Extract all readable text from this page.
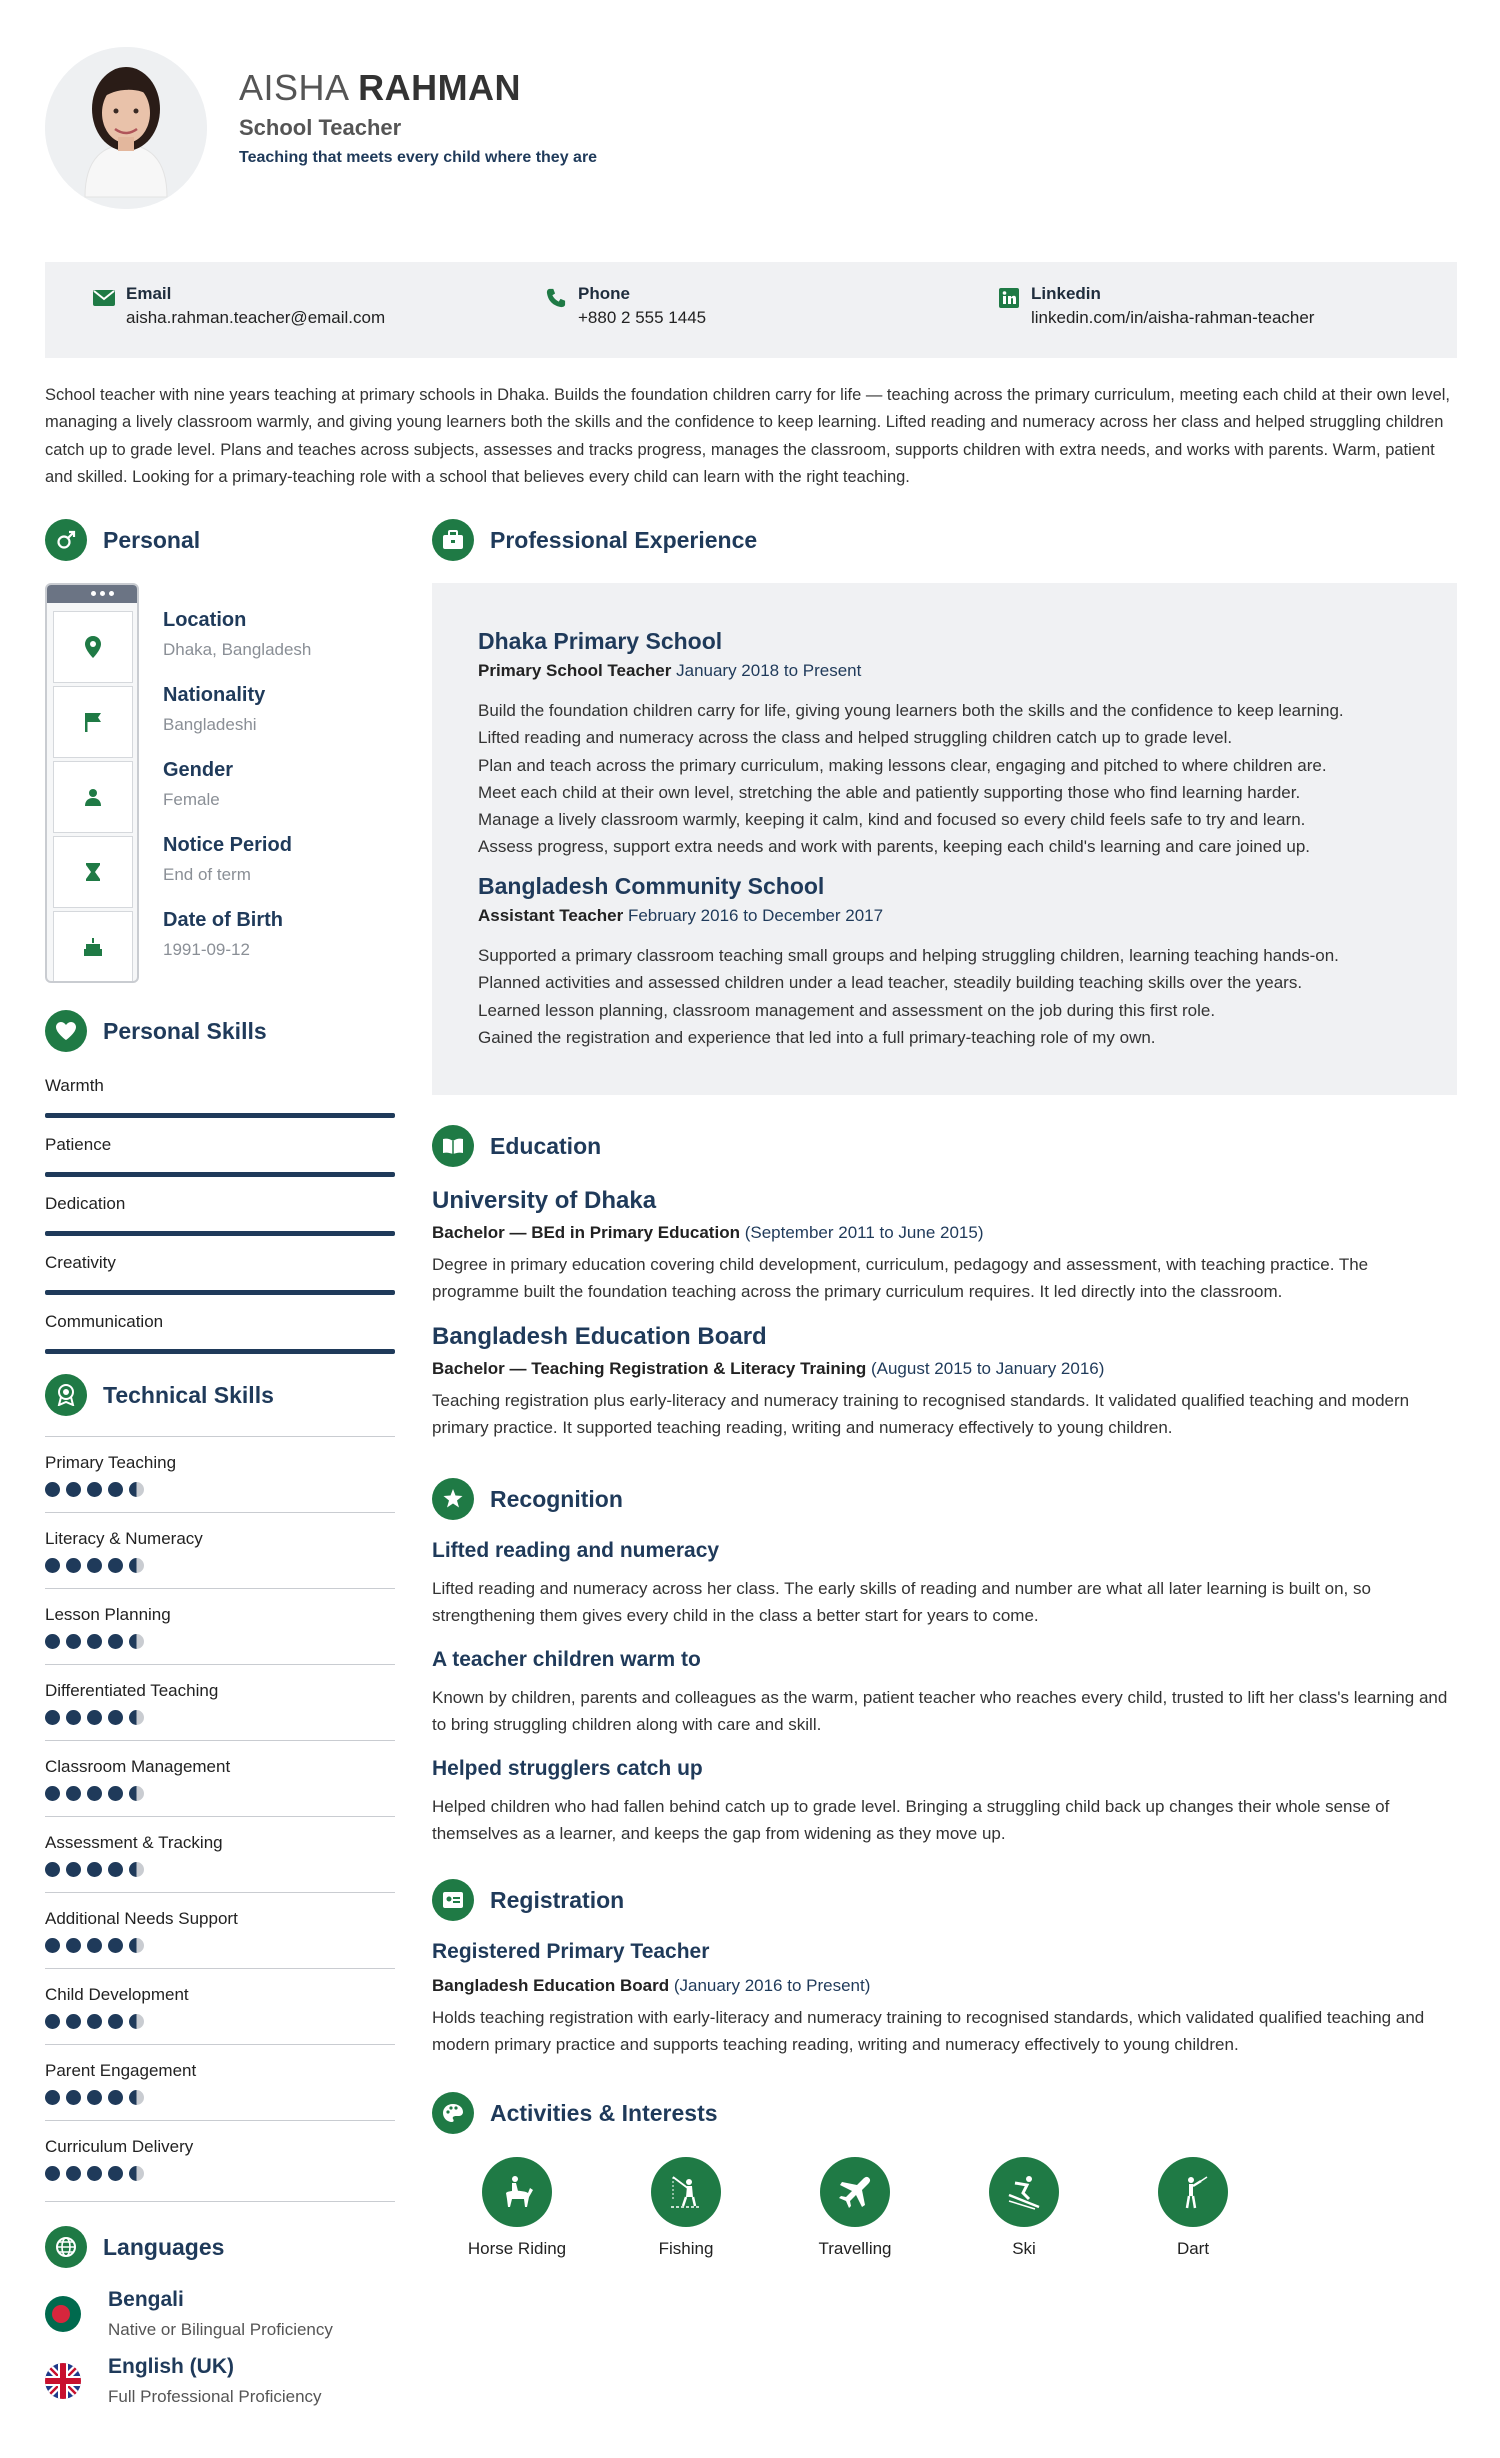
AISHA RAHMAN
School Teacher
Teaching that meets every child where they are
Email
aisha.rahman.teacher@email.com
Phone
+880 2 555 1445
Linkedin
linkedin.com/in/aisha-rahman-teacher
School teacher with nine years teaching at primary schools in Dhaka. Builds the foundation children carry for life — teaching across the primary curriculum, meeting each child at their own level, managing a lively classroom warmly, and giving young learners both the skills and the confidence to keep learning. Lifted reading and numeracy across her class and helped struggling children catch up to grade level. Plans and teaches across subjects, assesses and tracks progress, manages the classroom, supports children with extra needs, and works with parents. Warm, patient and skilled. Looking for a primary-teaching role with a school that believes every child can learn with the right teaching.
Personal
Location
Dhaka, Bangladesh
Nationality
Bangladeshi
Gender
Female
Notice Period
End of term
Date of Birth
1991-09-12
Personal Skills
Warmth
Patience
Dedication
Creativity
Communication
Technical Skills
Primary Teaching
Literacy & Numeracy
Lesson Planning
Differentiated Teaching
Classroom Management
Assessment & Tracking
Additional Needs Support
Child Development
Parent Engagement
Curriculum Delivery
Languages
Bengali
Native or Bilingual Proficiency
English (UK)
Full Professional Proficiency
Professional Experience
Dhaka Primary School
Primary School Teacher January 2018 to Present
Build the foundation children carry for life, giving young learners both the skills and the confidence to keep learning.
Lifted reading and numeracy across the class and helped struggling children catch up to grade level.
Plan and teach across the primary curriculum, making lessons clear, engaging and pitched to where children are.
Meet each child at their own level, stretching the able and patiently supporting those who find learning harder.
Manage a lively classroom warmly, keeping it calm, kind and focused so every child feels safe to try and learn.
Assess progress, support extra needs and work with parents, keeping each child's learning and care joined up.
Bangladesh Community School
Assistant Teacher February 2016 to December 2017
Supported a primary classroom teaching small groups and helping struggling children, learning teaching hands-on.
Planned activities and assessed children under a lead teacher, steadily building teaching skills over the years.
Learned lesson planning, classroom management and assessment on the job during this first role.
Gained the registration and experience that led into a full primary-teaching role of my own.
Education
University of Dhaka
Bachelor — BEd in Primary Education (September 2011 to June 2015)
Degree in primary education covering child development, curriculum, pedagogy and assessment, with teaching practice. The programme built the foundation teaching across the primary curriculum requires. It led directly into the classroom.
Bangladesh Education Board
Bachelor — Teaching Registration & Literacy Training (August 2015 to January 2016)
Teaching registration plus early-literacy and numeracy training to recognised standards. It validated qualified teaching and modern primary practice. It supported teaching reading, writing and numeracy effectively to young children.
Recognition
Lifted reading and numeracy
Lifted reading and numeracy across her class. The early skills of reading and number are what all later learning is built on, so strengthening them gives every child in the class a better start for years to come.
A teacher children warm to
Known by children, parents and colleagues as the warm, patient teacher who reaches every child, trusted to lift her class's learning and to bring struggling children along with care and skill.
Helped strugglers catch up
Helped children who had fallen behind catch up to grade level. Bringing a struggling child back up changes their whole sense of themselves as a learner, and keeps the gap from widening as they move up.
Registration
Registered Primary Teacher
Bangladesh Education Board (January 2016 to Present)
Holds teaching registration with early-literacy and numeracy training to recognised standards, which validated qualified teaching and modern primary practice and supports teaching reading, writing and numeracy effectively to young children.
Activities & Interests
Horse Riding	Fishing	Travelling	Ski	Dart
